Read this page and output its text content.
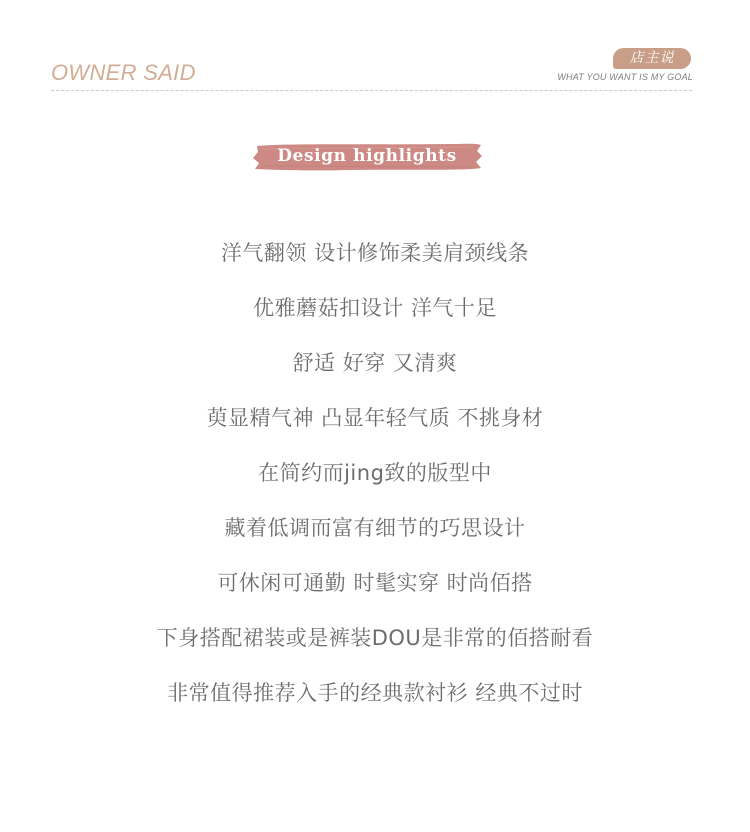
OWNER SAID
店主说
WHAT YOU WANT IS MY GOAL
Design highlights
洋气翻领 设计修饰柔美肩颈线条
优雅蘑菇扣设计 洋气十足
舒适 好穿 又清爽
萸显精气神 凸显年轻气质 不挑身材
在简约而jing致的版型中
藏着低调而富有细节的巧思设计
可休闲可通勤 时髦实穿 时尚佰搭
下身搭配裙装或是裤装DOU是非常的佰搭耐看
非常值得推荐入手的经典款衬衫 经典不过时
